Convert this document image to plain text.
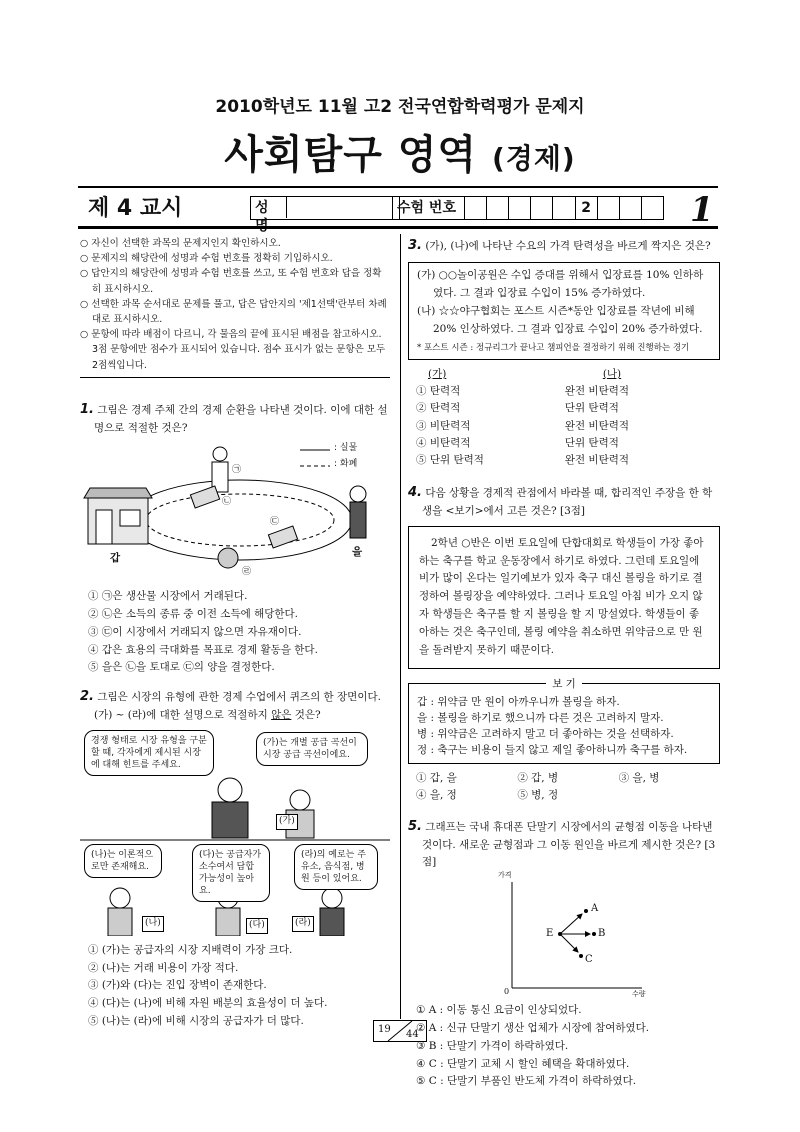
2010학년도 11월 고2 전국연합학력평가 문제지
사회탐구 영역 (경제)
제 4 교시	성명
수험 번호	2	1
○ 자신이 선택한 과목의 문제지인지 확인하시오.
○ 문제지의 해당란에 성명과 수험 번호를 정확히 기입하시오.
○ 답안지의 해당란에 성명과 수험 번호를 쓰고, 또 수험 번호와 답을 정확히 표시하시오.
○ 선택한 과목 순서대로 문제를 풀고, 답은 답안지의 '제1선택'란부터 차례대로 표시하시오.
○ 문항에 따라 배점이 다르니, 각 물음의 끝에 표시된 배점을 참고하시오. 3점 문항에만 점수가 표시되어 있습니다. 점수 표시가 없는 문항은 모두 2점씩입니다.

1. 그림은 경제 주체 간의 경제 순환을 나타낸 것이다. 이에 대한 설명으로 적절한 것은?

: 실물
: 화폐
㉠
㉡
㉢
㉣
갑	을
① ㉠은 생산물 시장에서 거래된다.
② ㉡은 소득의 종류 중 이전 소득에 해당한다.
③ ㉢이 시장에서 거래되지 않으면 자유재이다.
④ 갑은 효용의 극대화를 목표로 경제 활동을 한다.
⑤ 을은 ㉡을 토대로 ㉢의 양을 결정한다.

2. 그림은 시장의 유형에 관한 경제 수업에서 퀴즈의 한 장면이다. (가) ~ (라)에 대한 설명으로 적절하지 않은 것은?

경쟁 형태로 시장 유형을 구분할 때, 각자에게 제시된 시장에 대해 힌트를 주세요.
(가)는 개별 공급 곡선이 시장 공급 곡선이에요.
(나)는 이론적으로만 존재해요.
(다)는 공급자가 소수여서 담합 가능성이 높아요.
(라)의 예로는 주유소, 음식점, 병원 등이 있어요.
(가)
(나)	(다)	(라)
① (가)는 공급자의 시장 지배력이 가장 크다.
② (나)는 거래 비용이 가장 적다.
③ (가)와 (다)는 진입 장벽이 존재한다.
④ (다)는 (나)에 비해 자원 배분의 효율성이 더 높다.
⑤ (나)는 (라)에 비해 시장의 공급자가 더 많다.

3. (가), (나)에 나타난 수요의 가격 탄력성을 바르게 짝지은 것은?

(가) ○○놀이공원은 수입 증대를 위해서 입장료를 10% 인하하였다. 그 결과 입장료 수입이 15% 증가하였다.

(나) ☆☆야구협회는 포스트 시즌*동안 입장료를 작년에 비해 20% 인상하였다. 그 결과 입장료 수입이 20% 증가하였다.

* 포스트 시즌 : 정규리그가 끝나고 챔피언을 결정하기 위해 진행하는 경기

(가)	(나)
① 탄력적	완전 비탄력적
② 탄력적	단위 탄력적
③ 비탄력적	완전 비탄력적
④ 비탄력적	단위 탄력적
⑤ 단위 탄력적	완전 비탄력적

4. 다음 상황을 경제적 관점에서 바라볼 때, 합리적인 주장을 한 학생을 <보기>에서 고른 것은? [3점]

2학년 ○반은 이번 토요일에 단합대회로 학생들이 가장 좋아하는 축구를 학교 운동장에서 하기로 하였다. 그런데 토요일에 비가 많이 온다는 일기예보가 있자 축구 대신 볼링을 하기로 결정하여 볼링장을 예약하였다. 그러나 토요일 아침 비가 오지 않자 학생들은 축구를 할 지 볼링을 할 지 망설였다. 학생들이 좋아하는 것은 축구인데, 볼링 예약을 취소하면 위약금으로 만 원을 돌려받지 못하기 때문이다.

보 기

갑 : 위약금 만 원이 아까우니까 볼링을 하자.

을 : 볼링을 하기로 했으니까 다른 것은 고려하지 말자.

병 : 위약금은 고려하지 말고 더 좋아하는 것을 선택하자.

정 : 축구는 비용이 들지 않고 제일 좋아하니까 축구를 하자.

① 갑, 을	② 갑, 병	③ 을, 병
④ 을, 정	⑤ 병, 정

5. 그래프는 국내 휴대폰 단말기 시장에서의 균형점 이동을 나타낸 것이다. 새로운 균형점과 그 이동 원인을 바르게 제시한 것은? [3점]

가격
수량
0
E
A
B
C
① A : 이동 통신 요금이 인상되었다.
② A : 신규 단말기 생산 업체가 시장에 참여하였다.
③ B : 단말기 가격이 하락하였다.
④ C : 단말기 교체 시 할인 혜택을 확대하였다.
⑤ C : 단말기 부품인 반도체 가격이 하락하였다.
19 44
